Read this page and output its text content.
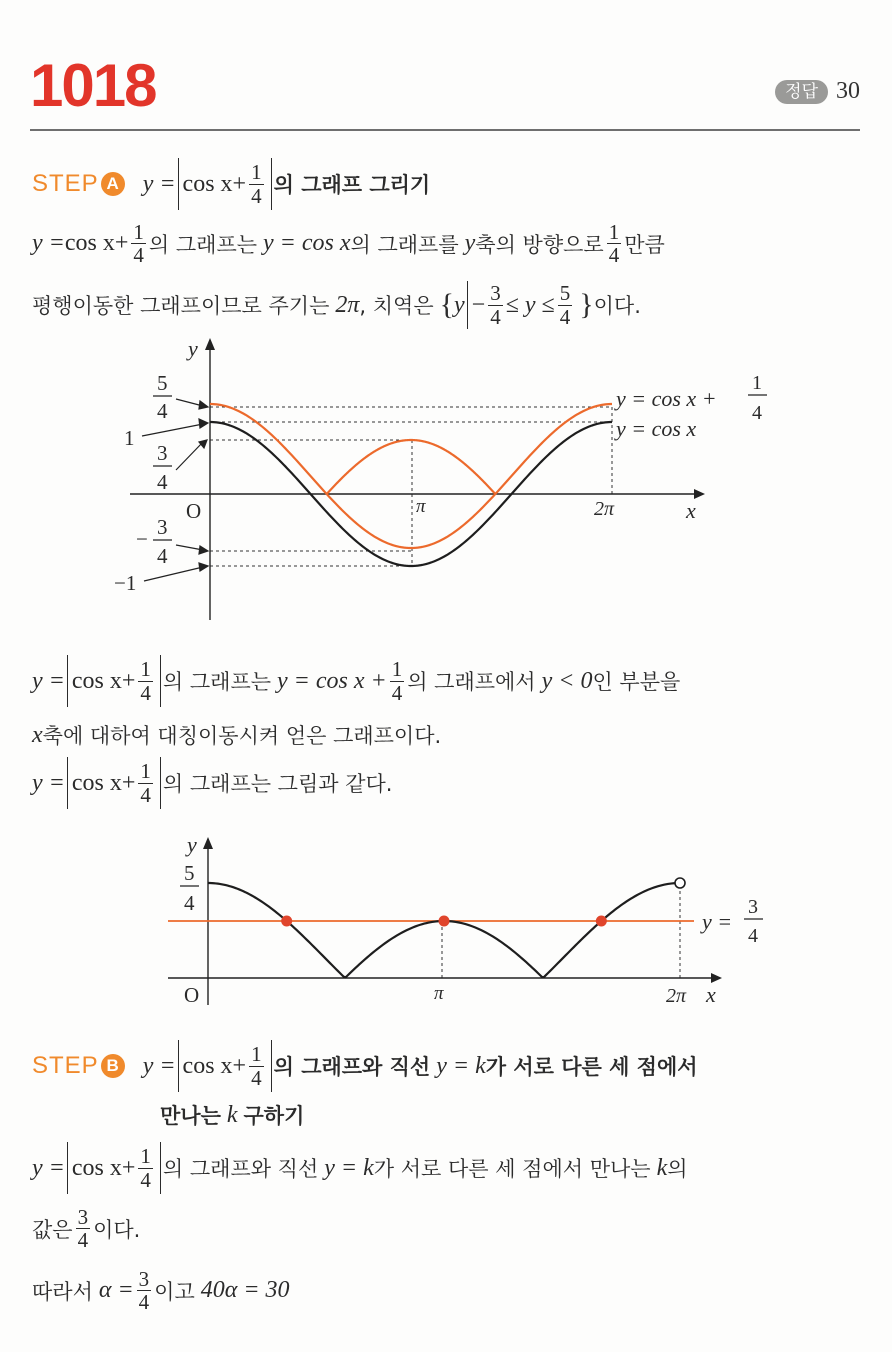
1018	정답 30
STEP A $y = \cos x + \frac{1}{4}$ 의 그래프 그리기
$y = \cos x + \frac{1}{4}$ 의 그래프는 y = cos x 의 그래프를 y 축의 방향으로 $\frac{1}{4}$ 만큼
평행이동한 그래프이므로 주기는 2π , 치역은 { $y - \frac{3}{4} \le y \le \frac{5}{4}$ } 이다.
y
x
O	π	2π
5
4
3
4
1
− 3
4
−1
y = cos x +
1
4
y = cos x
$y = \cos x + \frac{1}{4}$ 의 그래프는 $y = \cos x + \frac{1}{4}$ 의 그래프에서 y < 0 인 부분을
x 축에 대하여 대칭이동시켜 얻은 그래프이다.
$y = \cos x + \frac{1}{4}$ 의 그래프는 그림과 같다.
y
O	π	2π x
5
4
y =
3
4
STEP B $y = \cos x + \frac{1}{4}$ 의 그래프와 직선 y = k 가 서로 다른 세 점에서
만나는 k 구하기
$y = \cos x + \frac{1}{4}$ 의 그래프와 직선 y = k 가 서로 다른 세 점에서 만나는 k 의
값은 $\frac{3}{4}$ 이다.
따라서 $\alpha = \frac{3}{4}$ 이고 40α = 30
